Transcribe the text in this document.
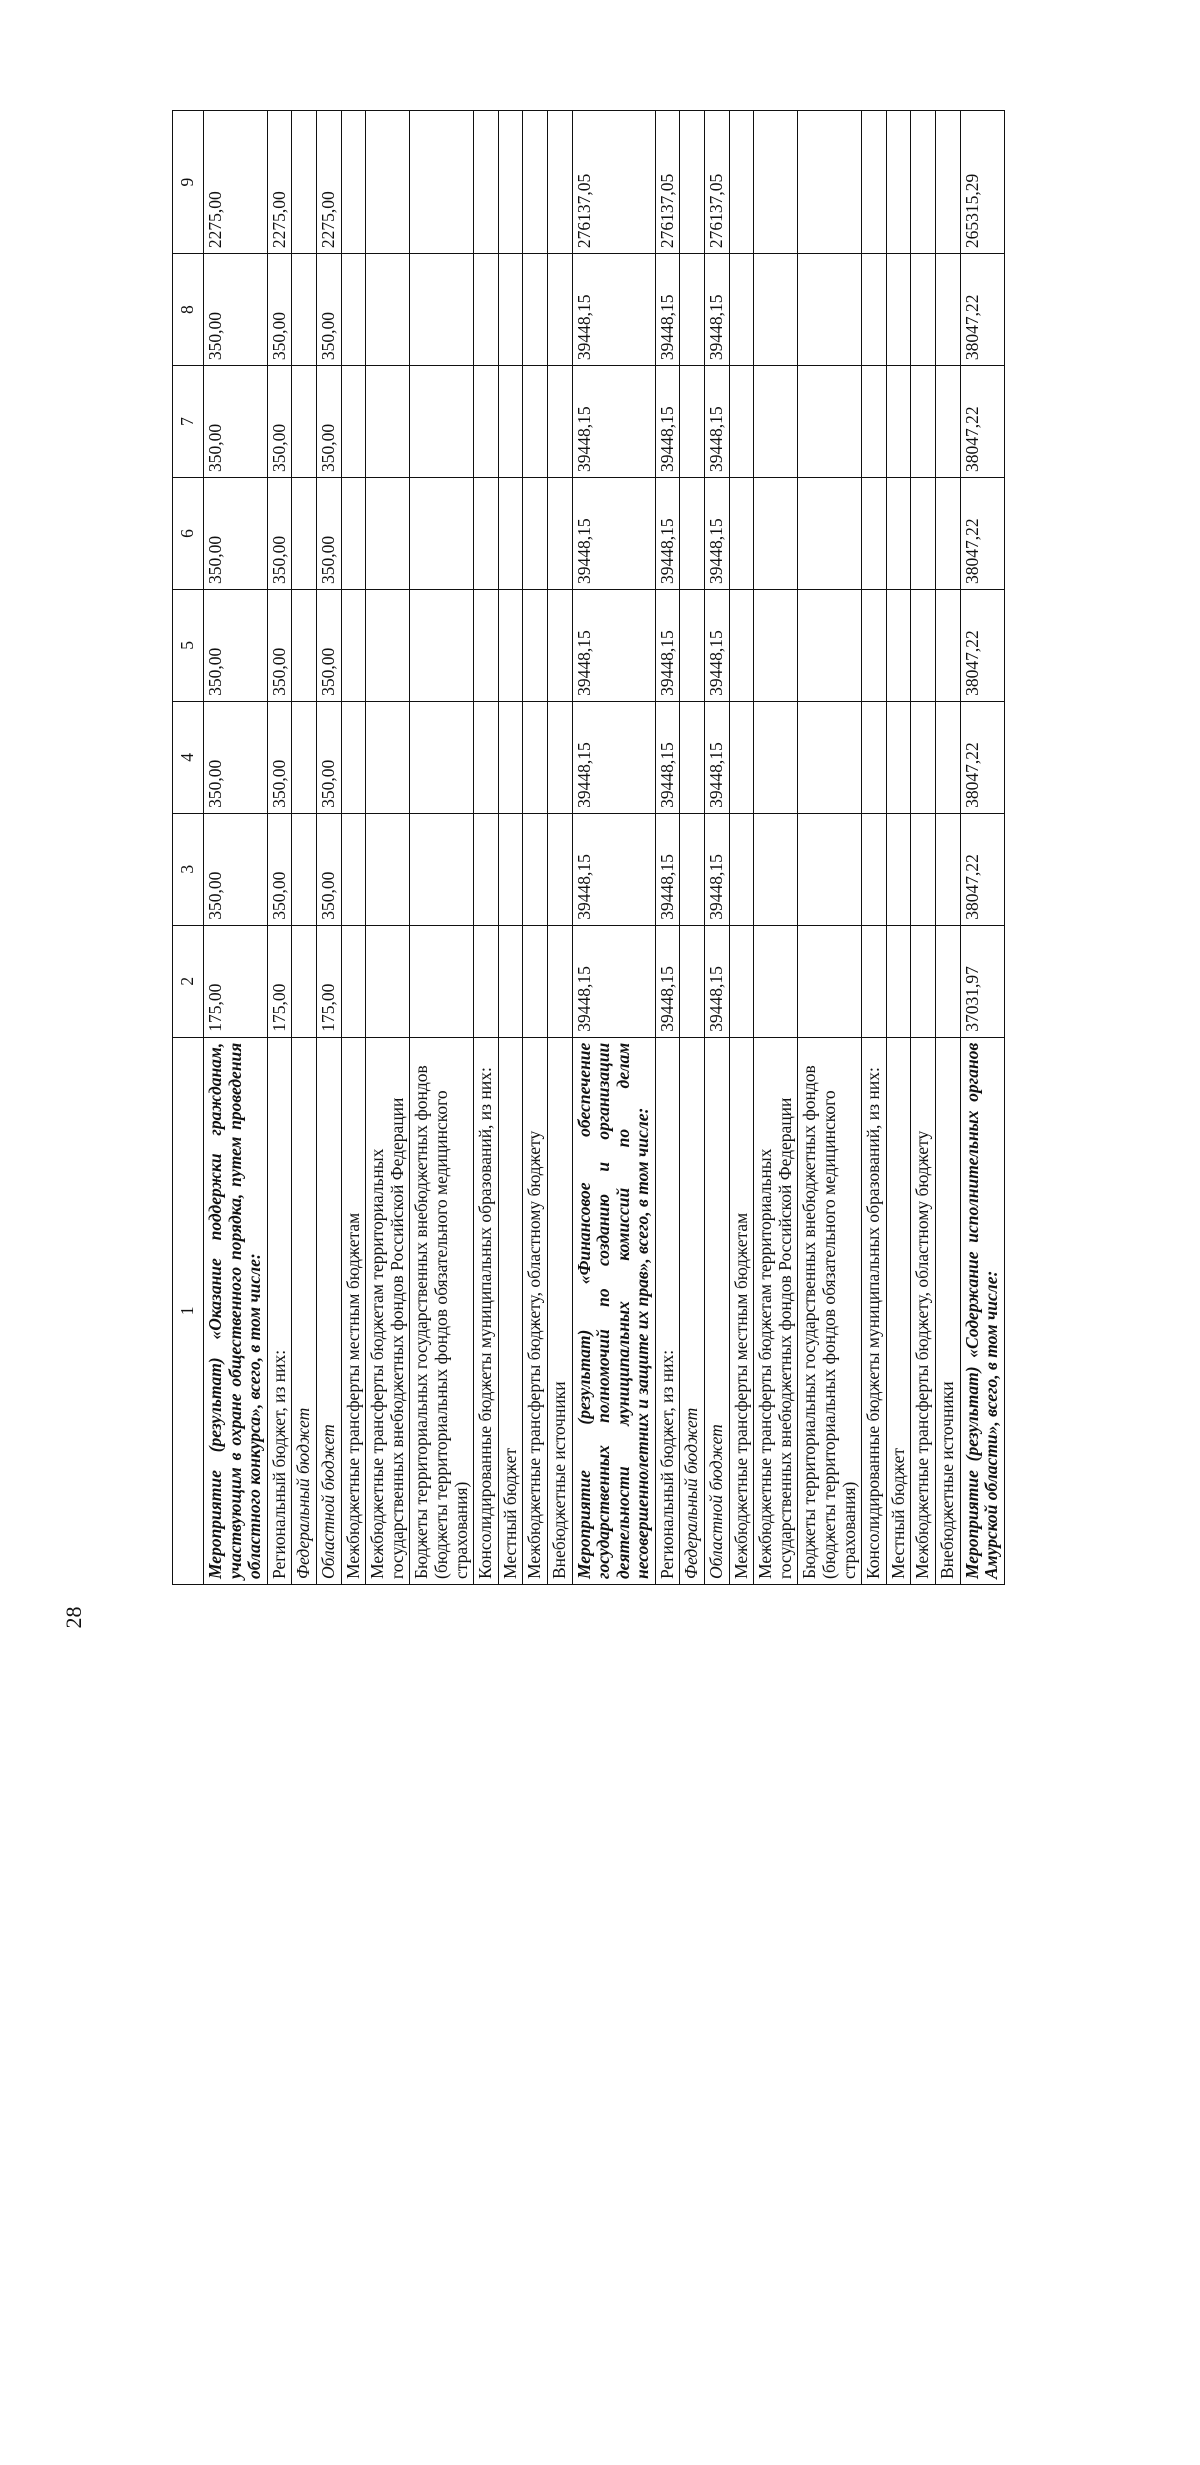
28
1	2	3	4	5	6	7	8	9
Мероприятие (результат) «Оказание поддержки гражданам, участвующим в охране общественного порядка, путем проведения областного конкурса», всего, в том числе:	175,00	350,00	350,00	350,00	350,00	350,00	350,00	2275,00
Региональный бюджет, из них:	175,00	350,00	350,00	350,00	350,00	350,00	350,00	2275,00
Федеральный бюджет								
Областной бюджет	175,00	350,00	350,00	350,00	350,00	350,00	350,00	2275,00
Межбюджетные трансферты местным бюджетам								
Межбюджетные трансферты бюджетам территориальных государственных внебюджетных фондов Российской Федерации								
Бюджеты территориальных государственных внебюджетных фондов (бюджеты территориальных фондов обязательного медицинского страхования)								
Консолидированные бюджеты муниципальных образований, из них:								
Местный бюджет								
Межбюджетные трансферты бюджету, областному бюджету								
Внебюджетные источники								
Мероприятие (результат) «Финансовое обеспечение государственных полномочий по созданию и организации деятельности муниципальных комиссий по делам несовершеннолетних и защите их прав», всего, в том числе:	39448,15	39448,15	39448,15	39448,15	39448,15	39448,15	39448,15	276137,05
Региональный бюджет, из них:	39448,15	39448,15	39448,15	39448,15	39448,15	39448,15	39448,15	276137,05
Федеральный бюджет								
Областной бюджет	39448,15	39448,15	39448,15	39448,15	39448,15	39448,15	39448,15	276137,05
Межбюджетные трансферты местным бюджетам								
Межбюджетные трансферты бюджетам территориальных государственных внебюджетных фондов Российской Федерации								
Бюджеты территориальных государственных внебюджетных фондов (бюджеты территориальных фондов обязательного медицинского страхования)								
Консолидированные бюджеты муниципальных образований, из них:								
Местный бюджет								
Межбюджетные трансферты бюджету, областному бюджету								
Внебюджетные источники								
Мероприятие (результат) «Содержание исполнительных органов Амурской области», всего, в том числе:	37031,97	38047,22	38047,22	38047,22	38047,22	38047,22	38047,22	265315,29
